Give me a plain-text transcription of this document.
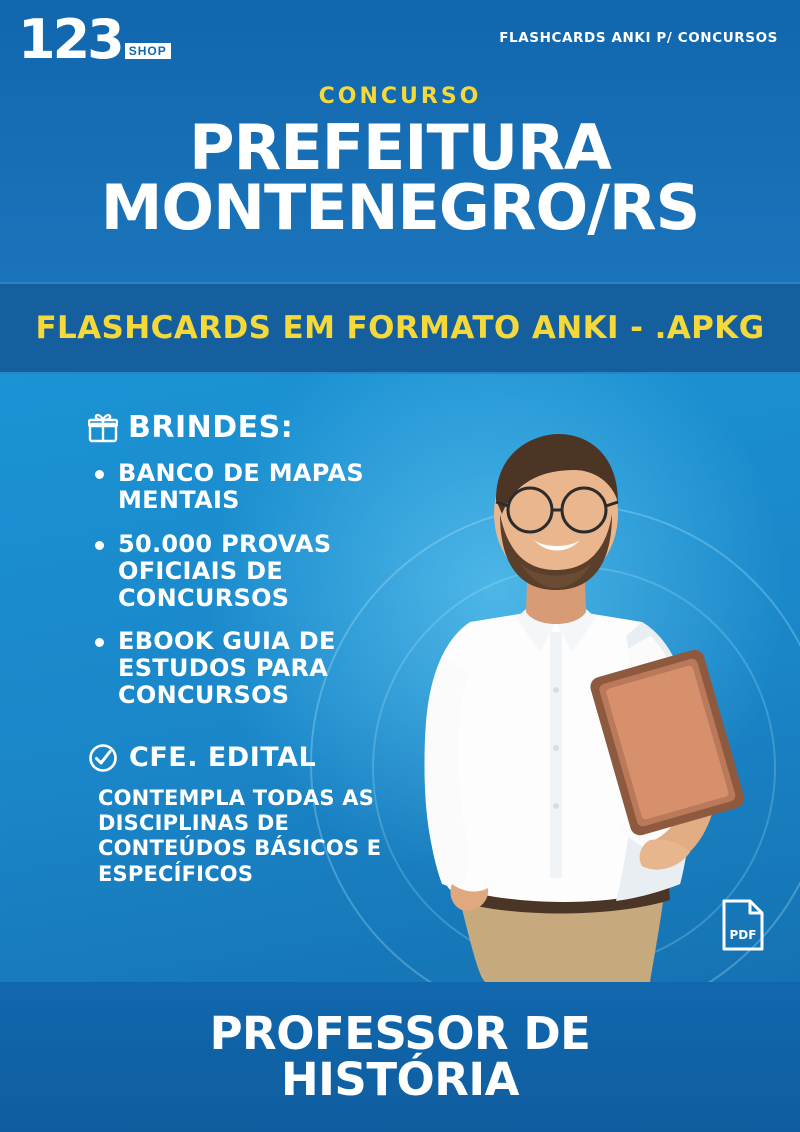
123 SHOP
FLASHCARDS ANKI P/ CONCURSOS
CONCURSO
PREFEITURA
MONTENEGRO/RS
FLASHCARDS EM FORMATO ANKI - .APKG
BRINDES:
BANCO DE MAPAS MENTAIS
50.000 PROVAS OFICIAIS DE CONCURSOS
EBOOK GUIA DE ESTUDOS PARA CONCURSOS
CFE. EDITAL
CONTEMPLA TODAS AS DISCIPLINAS DE CONTEÚDOS BÁSICOS E ESPECÍFICOS
PDF
PROFESSOR DE
HISTÓRIA
